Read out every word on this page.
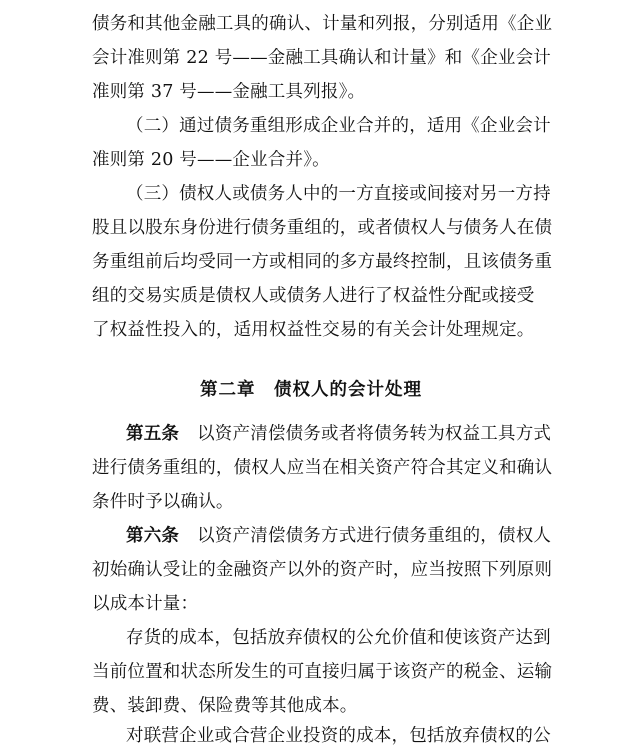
债务和其他金融工具的确认、计量和列报，分别适用《企业
会计准则第 22 号——金融工具确认和计量》和《企业会计
准则第 37 号——金融工具列报》。
（二）通过债务重组形成企业合并的，适用《企业会计
准则第 20 号——企业合并》。
（三）债权人或债务人中的一方直接或间接对另一方持
股且以股东身份进行债务重组的，或者债权人与债务人在债
务重组前后均受同一方或相同的多方最终控制，且该债务重
组的交易实质是债权人或债务人进行了权益性分配或接受
了权益性投入的，适用权益性交易的有关会计处理规定。
第二章　债权人的会计处理
第五条 以资产清偿债务或者将债务转为权益工具方式
进行债务重组的，债权人应当在相关资产符合其定义和确认
条件时予以确认。
第六条 以资产清偿债务方式进行债务重组的，债权人
初始确认受让的金融资产以外的资产时，应当按照下列原则
以成本计量：
存货的成本，包括放弃债权的公允价值和使该资产达到
当前位置和状态所发生的可直接归属于该资产的税金、运输
费、装卸费、保险费等其他成本。
对联营企业或合营企业投资的成本，包括放弃债权的公
